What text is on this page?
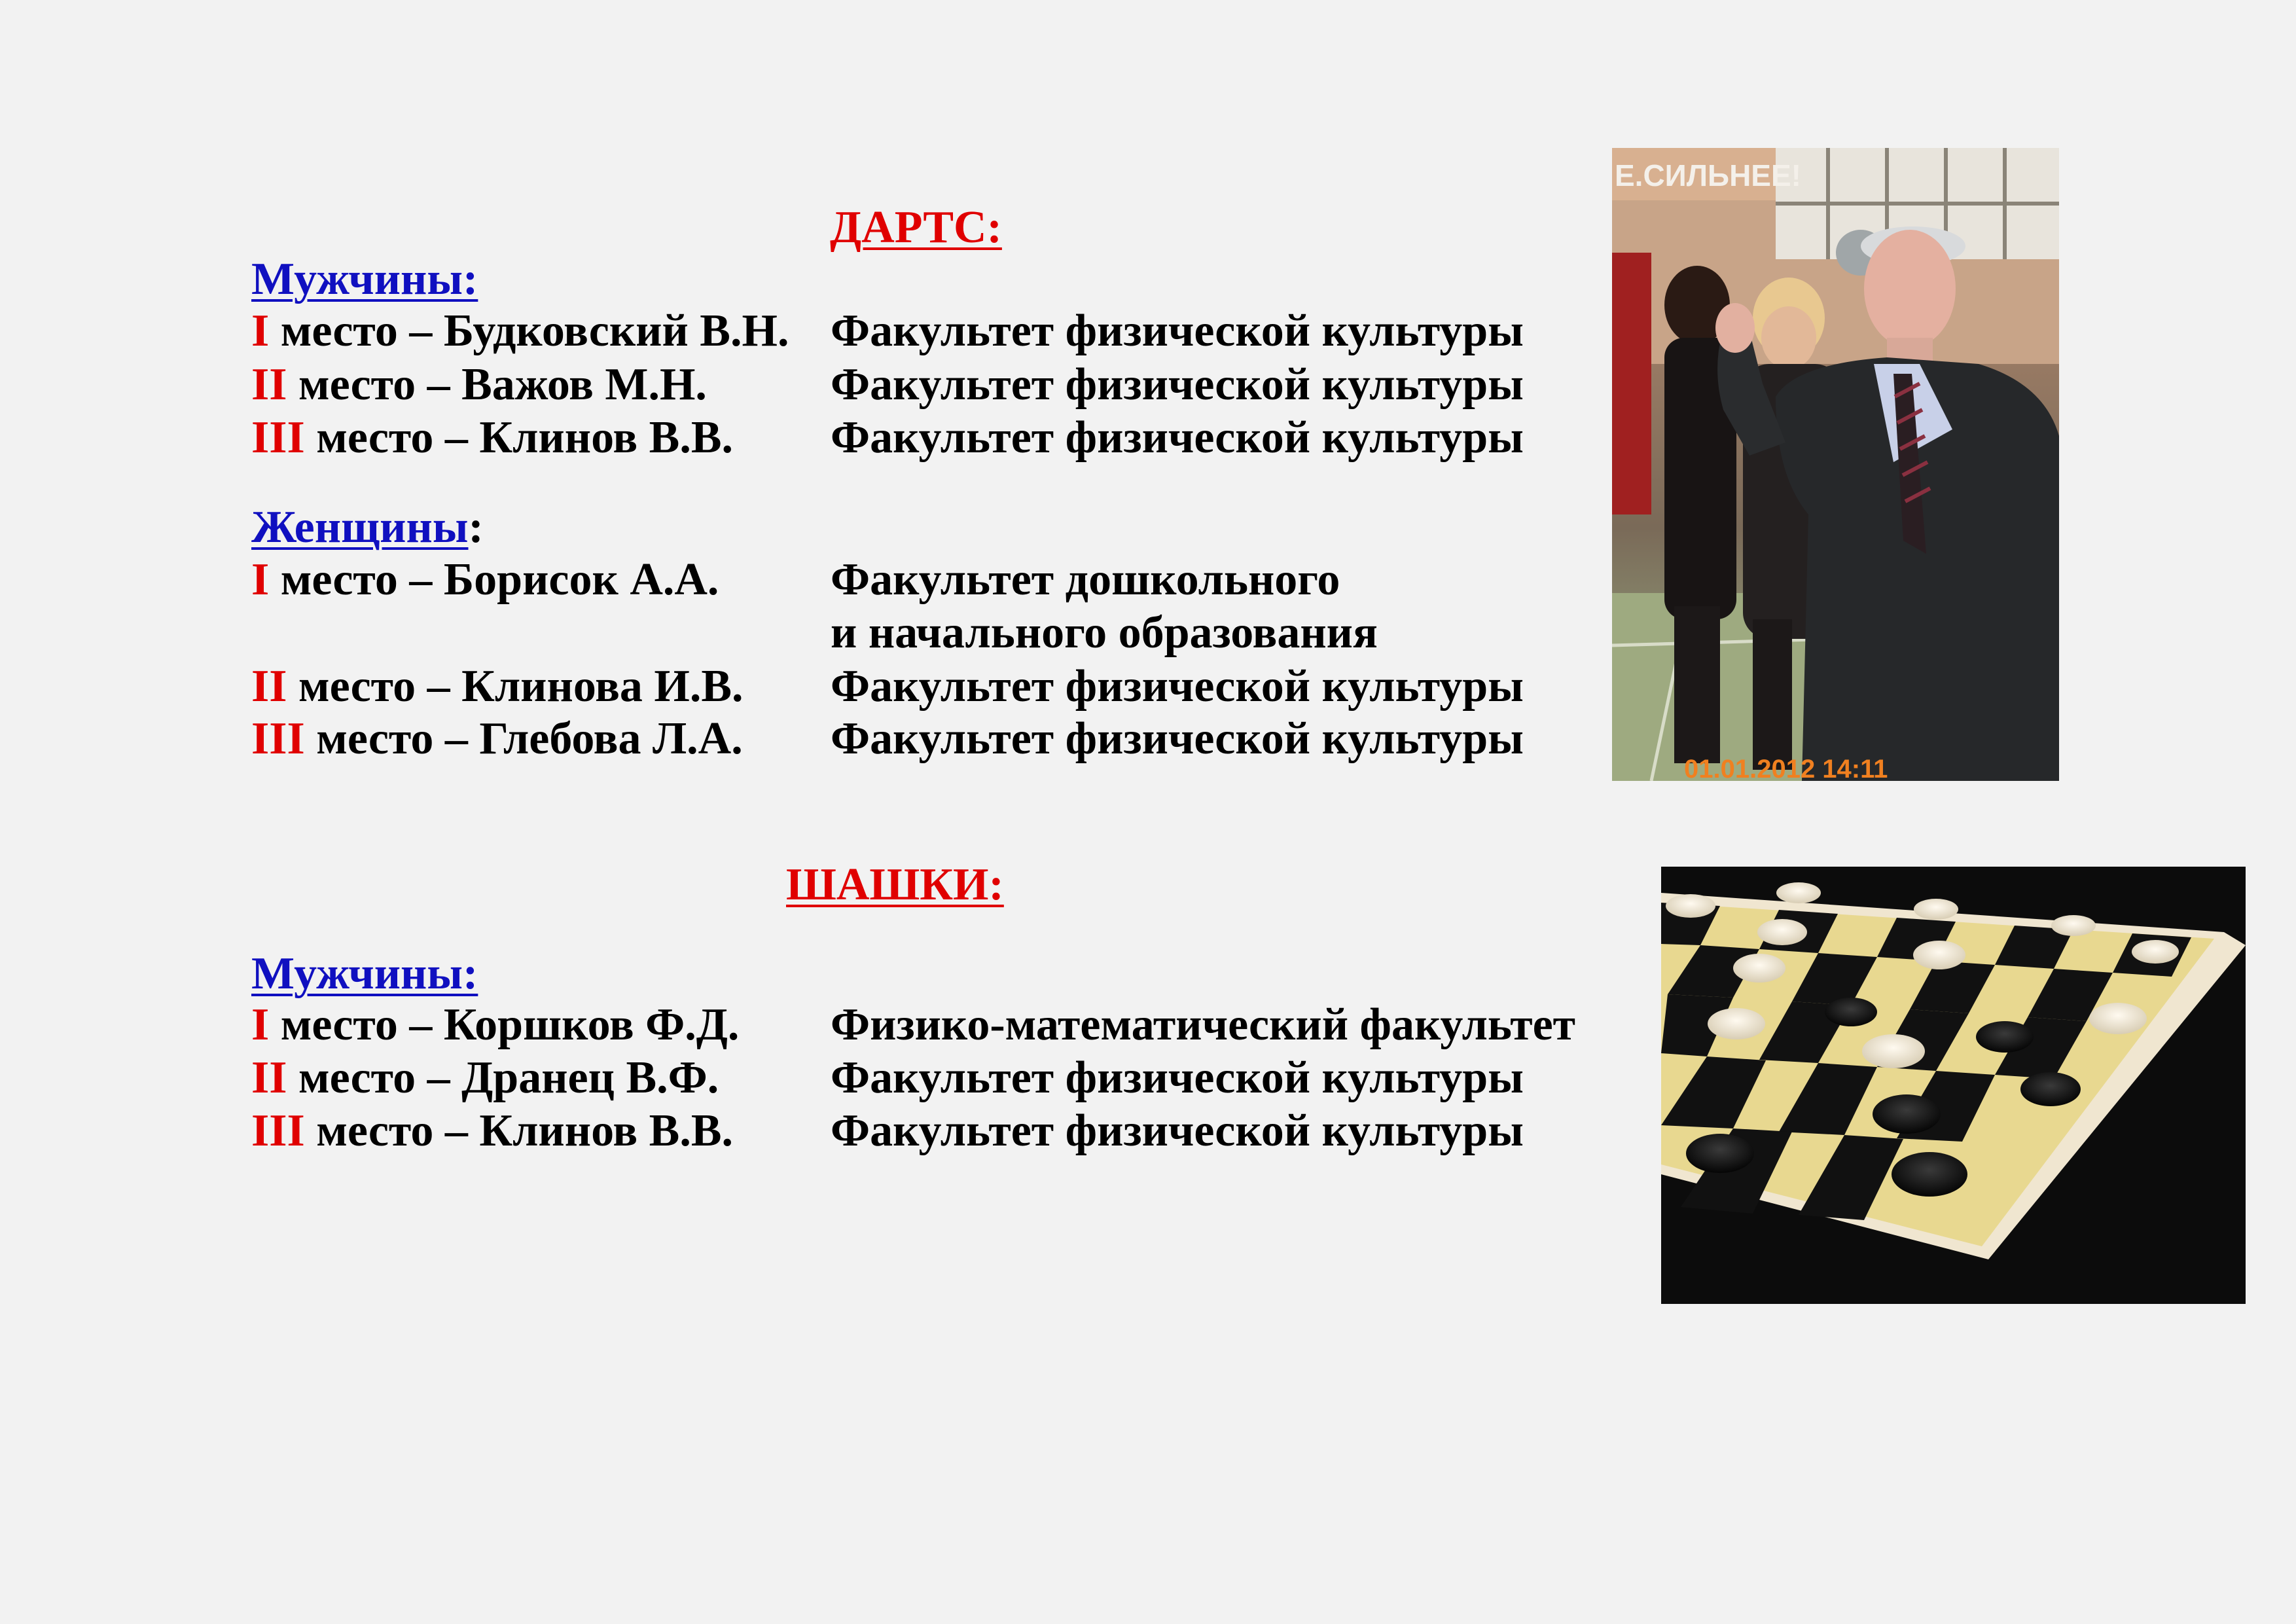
ДАРТС:
Мужчины:
I место – Будковский В.Н. Факультет физической культуры
II место – Важов М.Н.	Факультет физической культуры
III место – Клинов В.В. Факультет физической культуры
Женщины:
I место – Борисок А.А. Факультет дошкольного
и начального образования
II место – Клинова И.В. Факультет физической культуры
III место – Глебова Л.А. Факультет физической культуры
Е.СИЛЬНЕЕ!
01.01.2012 14:11
ШАШКИ:
Мужчины:
I место – Коршков Ф.Д. Физико-математический факультет
II место – Дранец В.Ф. Факультет физической культуры
III место – Клинов В.В. Факультет физической культуры
